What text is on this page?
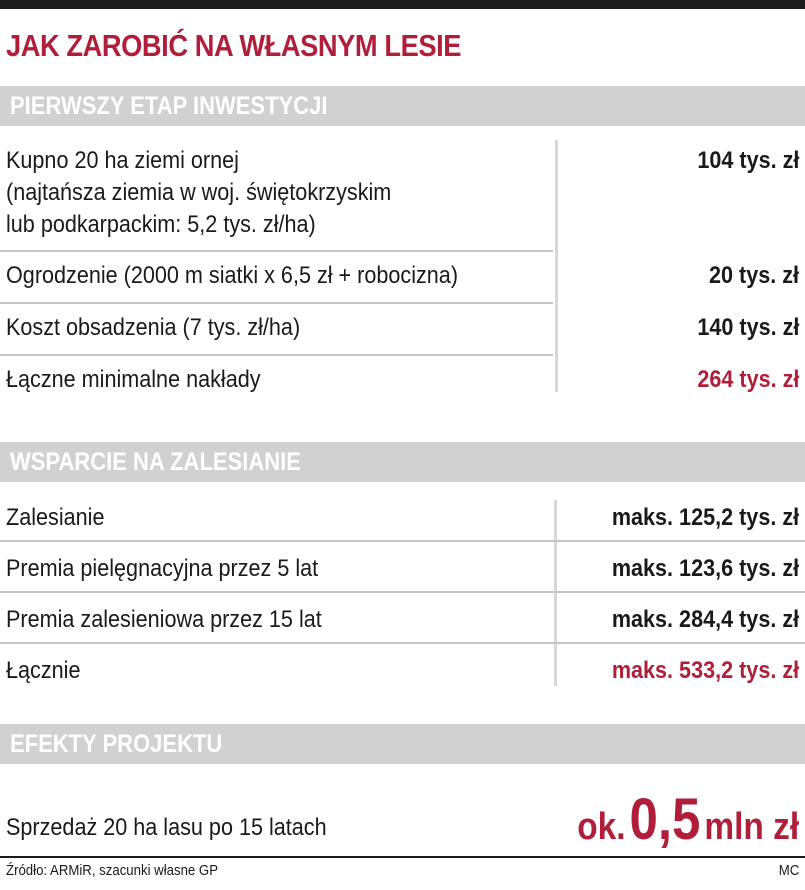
JAK ZAROBIĆ NA WŁASNYM LESIE
PIERWSZY ETAP INWESTYCJI
Kupno 20 ha ziemi ornej
(najtańsza ziemia w woj. świętokrzyskim
lub podkarpackim: 5,2 tys. zł/ha)
104 tys. zł
Ogrodzenie (2000 m siatki x 6,5 zł + robocizna)	20 tys. zł
Koszt obsadzenia (7 tys. zł/ha)	140 tys. zł
Łączne minimalne nakłady	264 tys. zł
WSPARCIE NA ZALESIANIE
Zalesianie	maks. 125,2 tys. zł
Premia pielęgnacyjna przez 5 lat	maks. 123,6 tys. zł
Premia zalesieniowa przez 15 lat	maks. 284,4 tys. zł
Łącznie	maks. 533,2 tys. zł
EFEKTY PROJEKTU
Sprzedaż 20 ha lasu po 15 latach	ok. 0,5 mln zł
Źródło: ARMiR, szacunki własne GP	MC
